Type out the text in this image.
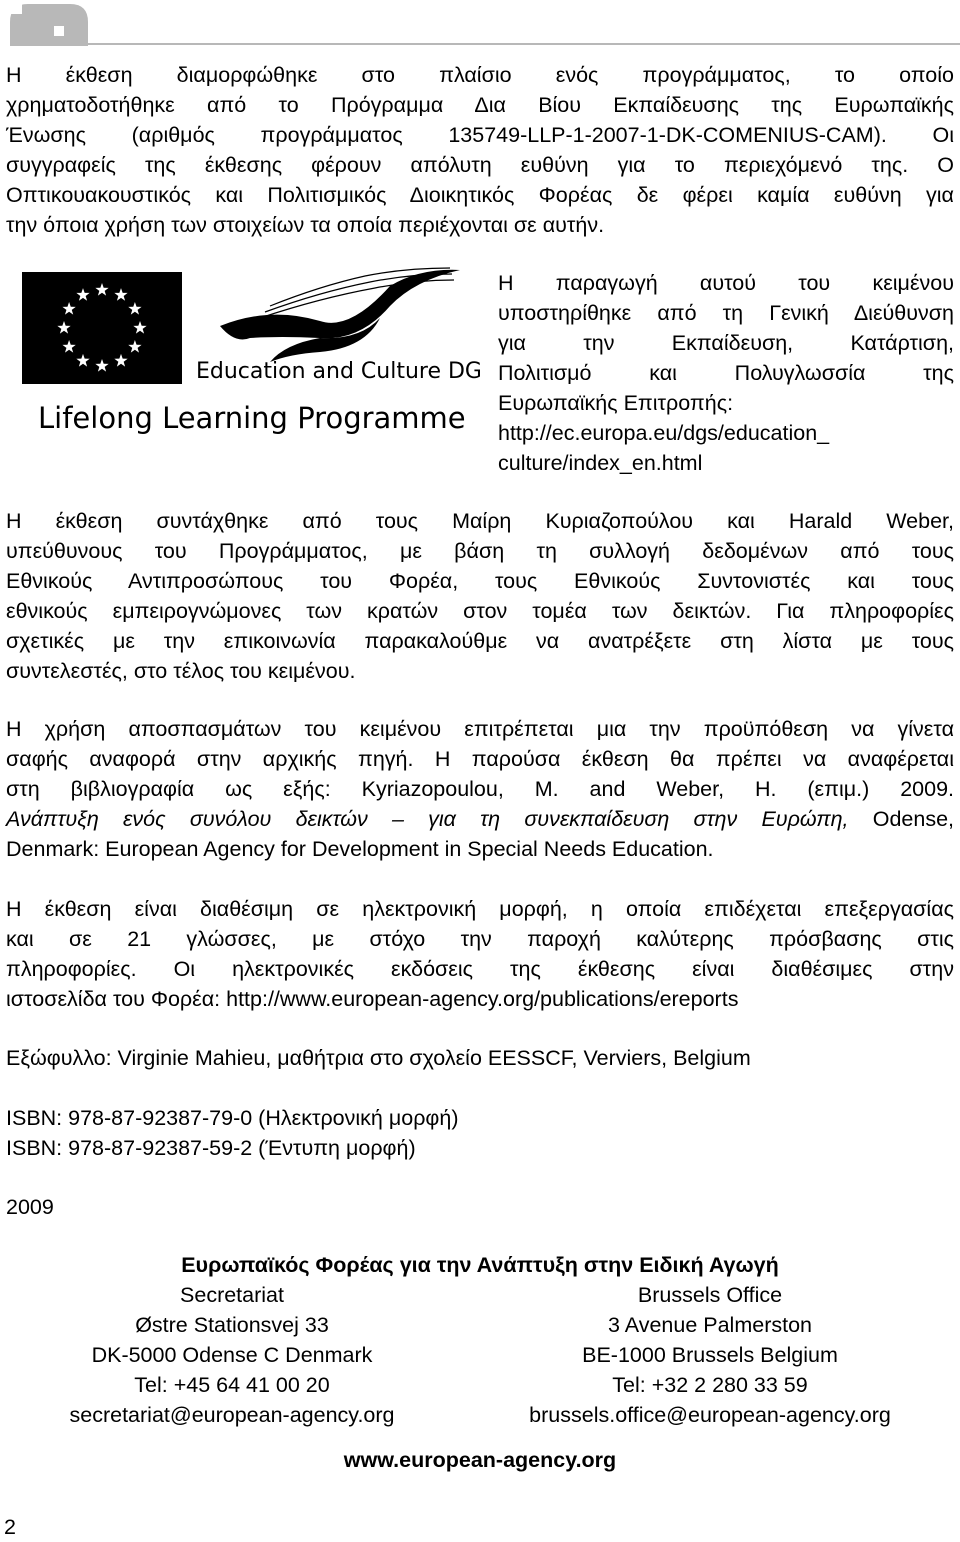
Η έκθεση διαμορφώθηκε στο πλαίσιο ενός προγράμματος, το οποίο
χρηματοδοτήθηκε από το Πρόγραμμα Δια Βίου Εκπαίδευσης της Ευρωπαϊκής
Ένωσης (αριθμός προγράμματος 135749-LLP-1-2007-1-DK-COMENIUS-CAM). Οι
συγγραφείς της έκθεσης φέρουν απόλυτη ευθύνη για το περιεχόμενό της. Ο
Οπτικουακουστικός και Πολιτισμικός Διοικητικός Φορέας δε φέρει καμία ευθύνη για
την όποια χρήση των στοιχείων τα οποία περιέχονται σε αυτήν.
Education and Culture DG
Lifelong Learning Programme
Η παραγωγή αυτού του κειμένου
υποστηρίθηκε από τη Γενική Διεύθυνση
για την Εκπαίδευση, Κατάρτιση,
Πολιτισμό και Πολυγλωσσία της
Ευρωπαϊκής Επιτροπής:
http://ec.europa.eu/dgs/education_
culture/index_en.html
Η έκθεση συντάχθηκε από τους Μαίρη Κυριαζοπούλου και Harald Weber,
υπεύθυνους του Προγράμματος, με βάση τη συλλογή δεδομένων από τους
Εθνικούς Αντιπροσώπους του Φορέα, τους Εθνικούς Συντονιστές και τους
εθνικούς εμπειρογνώμονες των κρατών στον τομέα των δεικτών. Για πληροφορίες
σχετικές με την επικοινωνία παρακαλούθμε να ανατρέξετε στη λίστα με τους
συντελεστές, στο τέλος του κειμένου.
Η χρήση αποσπασμάτων του κειμένου επιτρέπεται μια την προϋπόθεση να γίνετα
σαφής αναφορά στην αρχικής πηγή. Η παρούσα έκθεση θα πρέπει να αναφέρεται
στη βιβλιογραφία ως εξής: Kyriazopoulou, M. and Weber, H. (επιμ.) 2009.
Ανάπτυξη ενός συνόλου δεικτών – για τη συνεκπαίδευση στην Ευρώπη, Odense,
Denmark: European Agency for Development in Special Needs Education.
Η έκθεση είναι διαθέσιμη σε ηλεκτρονική μορφή, η οποία επιδέχεται επεξεργασίας
και σε 21 γλώσσες, με στόχο την παροχή καλύτερης πρόσβασης στις
πληροφορίες. Οι ηλεκτρονικές εκδόσεις της έκθεσης είναι διαθέσιμες στην
ιστοσελίδα του Φορέα: http://www.european-agency.org/publications/ereports
Εξώφυλλο: Virginie Mahieu, μαθήτρια στο σχολείο EESSCF, Verviers, Belgium
ISBN: 978-87-92387-79-0 (Ηλεκτρονική μορφή)
ISBN: 978-87-92387-59-2 (Έντυπη μορφή)
2009
Ευρωπαϊκός Φορέας για την Ανάπτυξη στην Ειδική Αγωγή
Secretariat
Østre Stationsvej 33
DK-5000 Odense C Denmark
Tel: +45 64 41 00 20
secretariat@european-agency.org
Brussels Office
3 Avenue Palmerston
BE-1000 Brussels Belgium
Tel: +32 2 280 33 59
brussels.office@european-agency.org
www.european-agency.org
2
